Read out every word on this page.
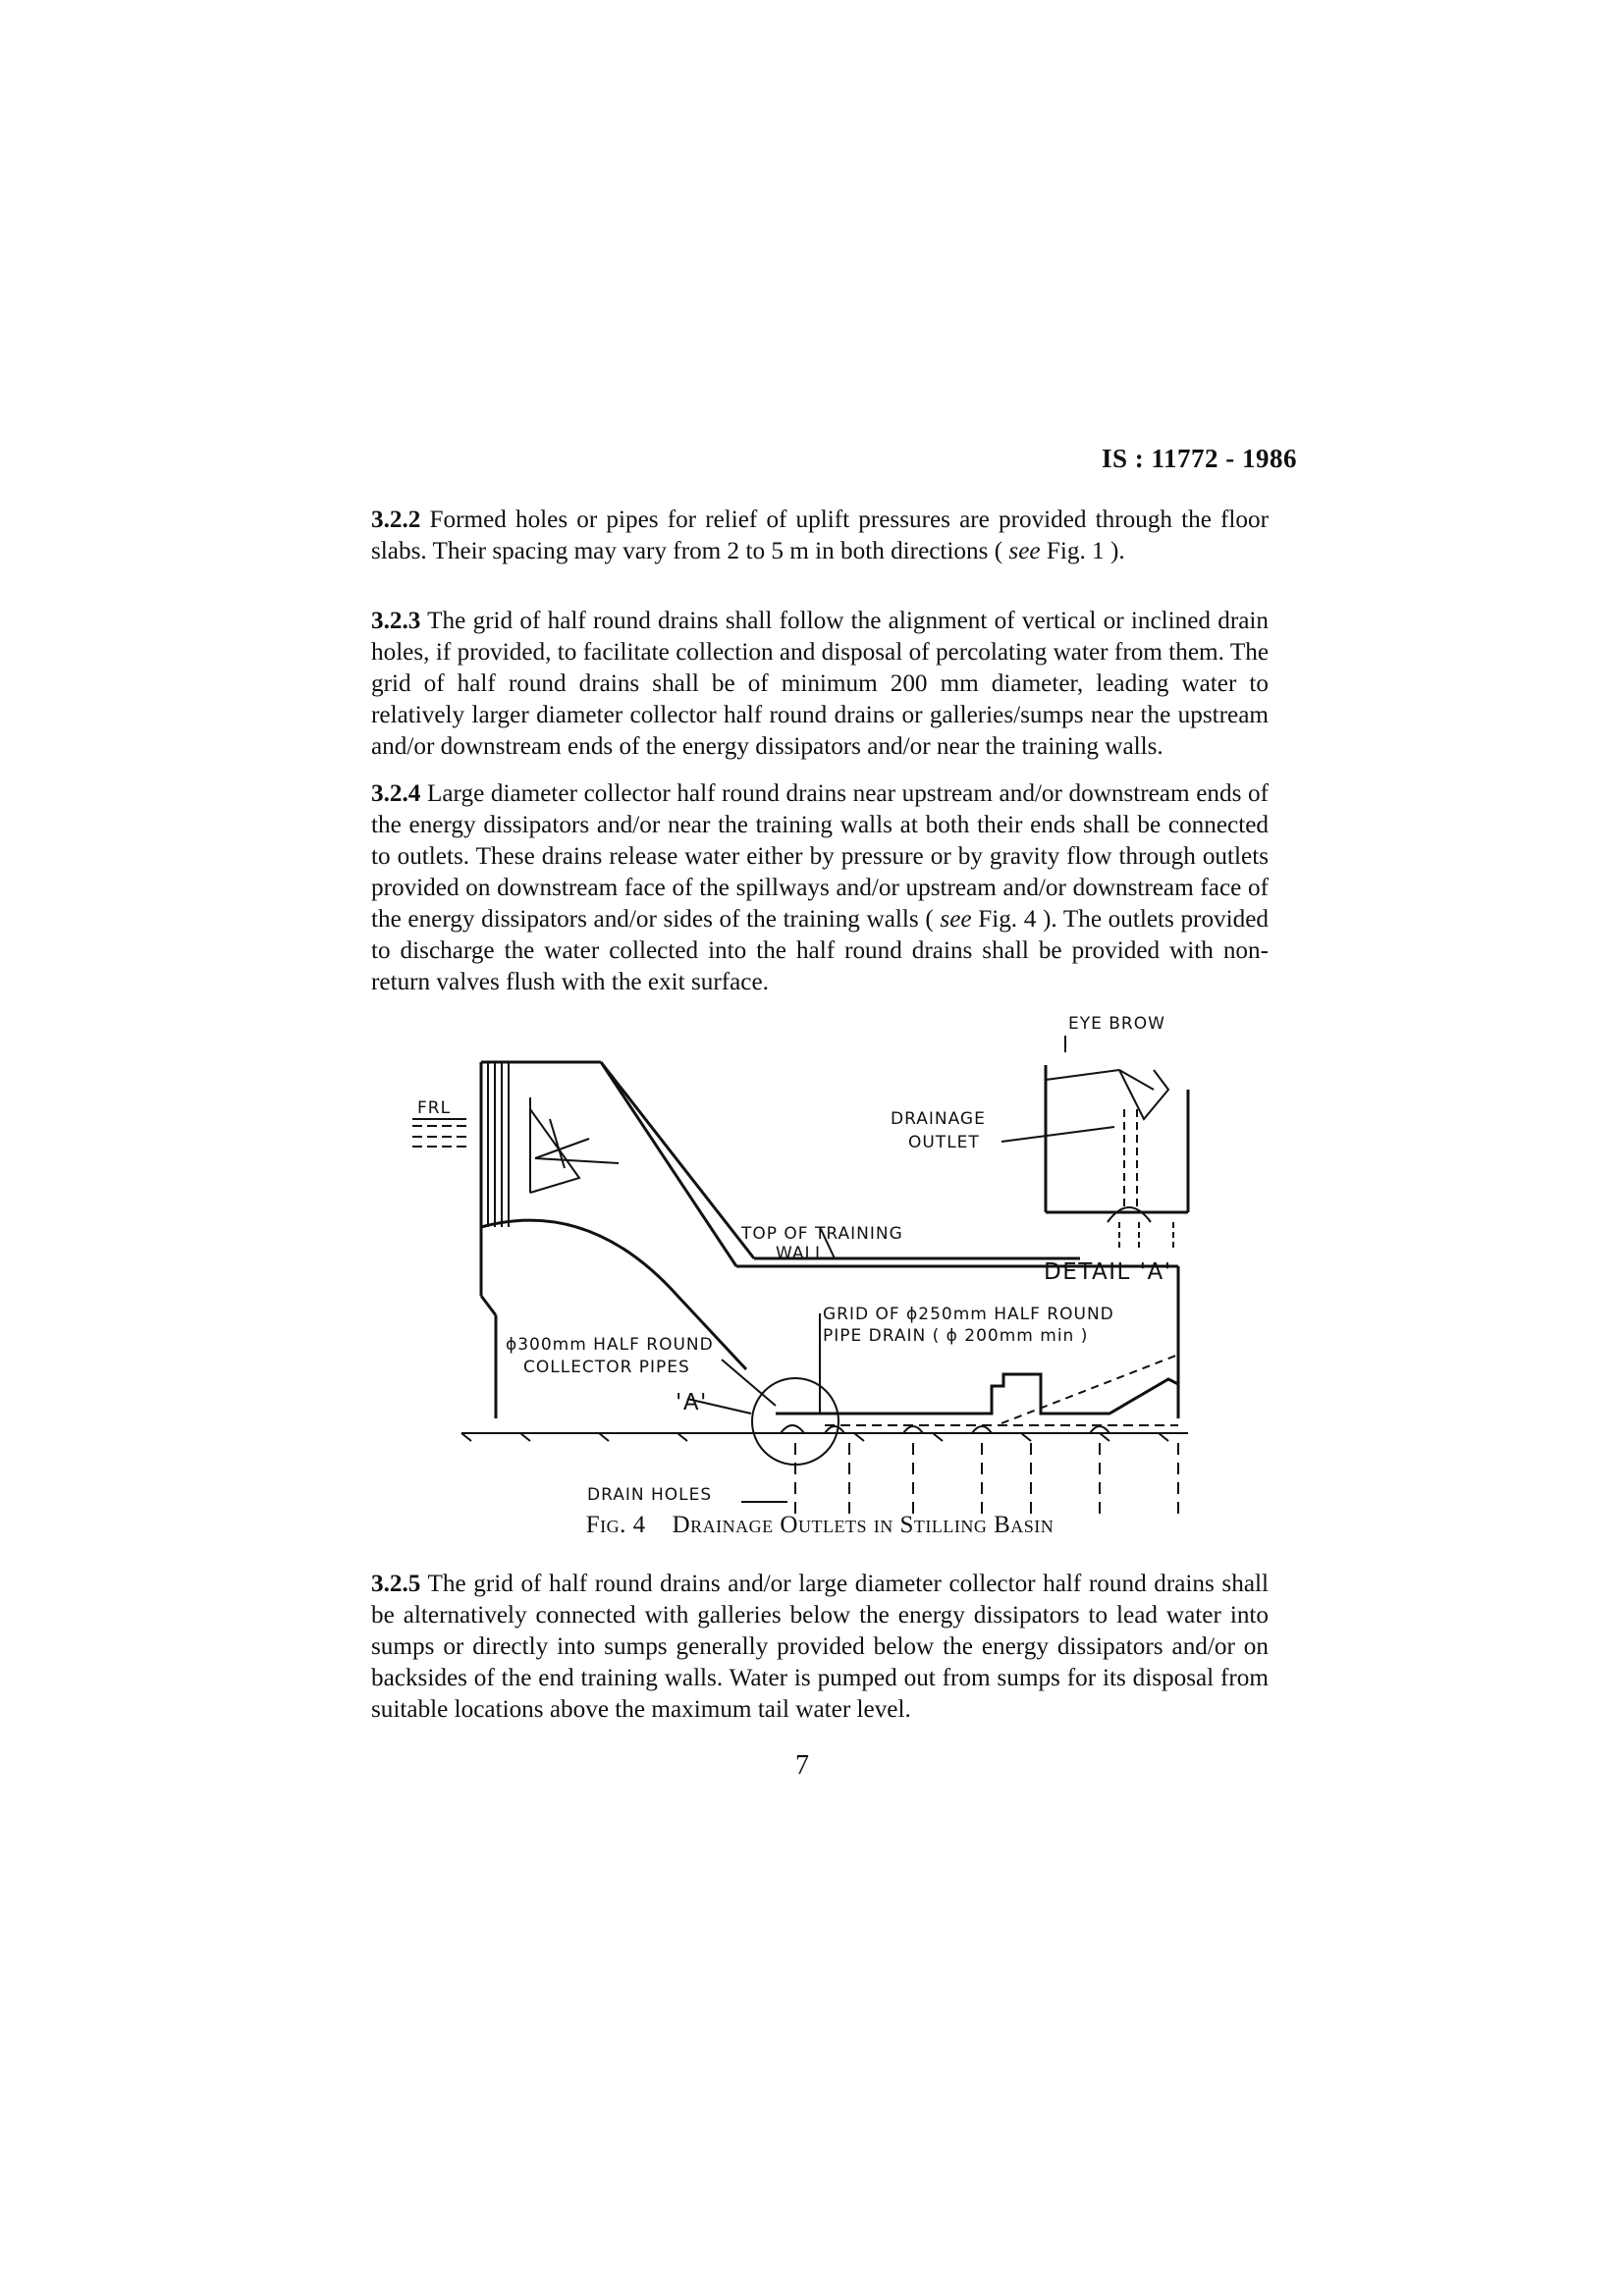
IS : 11772 - 1986
3.2.2 Formed holes or pipes for relief of uplift pressures are provided through the floor slabs. Their spacing may vary from 2 to 5 m in both directions ( see Fig. 1 ).
3.2.3 The grid of half round drains shall follow the alignment of vertical or inclined drain holes, if provided, to facilitate collection and disposal of percolating water from them. The grid of half round drains shall be of minimum 200 mm diameter, leading water to relatively larger diameter collector half round drains or galleries/sumps near the upstream and/or downstream ends of the energy dissipators and/or near the training walls.
3.2.4 Large diameter collector half round drains near upstream and/or downstream ends of the energy dissipators and/or near the training walls at both their ends shall be connected to outlets. These drains release water either by pressure or by gravity flow through outlets provided on downstream face of the spillways and/or upstream and/or downstream face of the energy dissipators and/or sides of the training walls ( see Fig. 4 ). The outlets provided to discharge the water collected into the half round drains shall be provided with non-return valves flush with the exit surface.
FRL
EYE BROW
DRAINAGE
OUTLET
TOP OF TRAINING
WALL
DETAIL 'A'
GRID OF ɸ250mm HALF ROUND
PIPE DRAIN ( ɸ 200mm min )
ɸ300mm HALF ROUND
COLLECTOR PIPES
'A'
DRAIN HOLES
Fig. 4 Drainage Outlets in Stilling Basin
3.2.5 The grid of half round drains and/or large diameter collector half round drains shall be alternatively connected with galleries below the energy dissipators to lead water into sumps or directly into sumps generally provided below the energy dissipators and/or on backsides of the end training walls. Water is pumped out from sumps for its disposal from suitable locations above the maximum tail water level.
7
